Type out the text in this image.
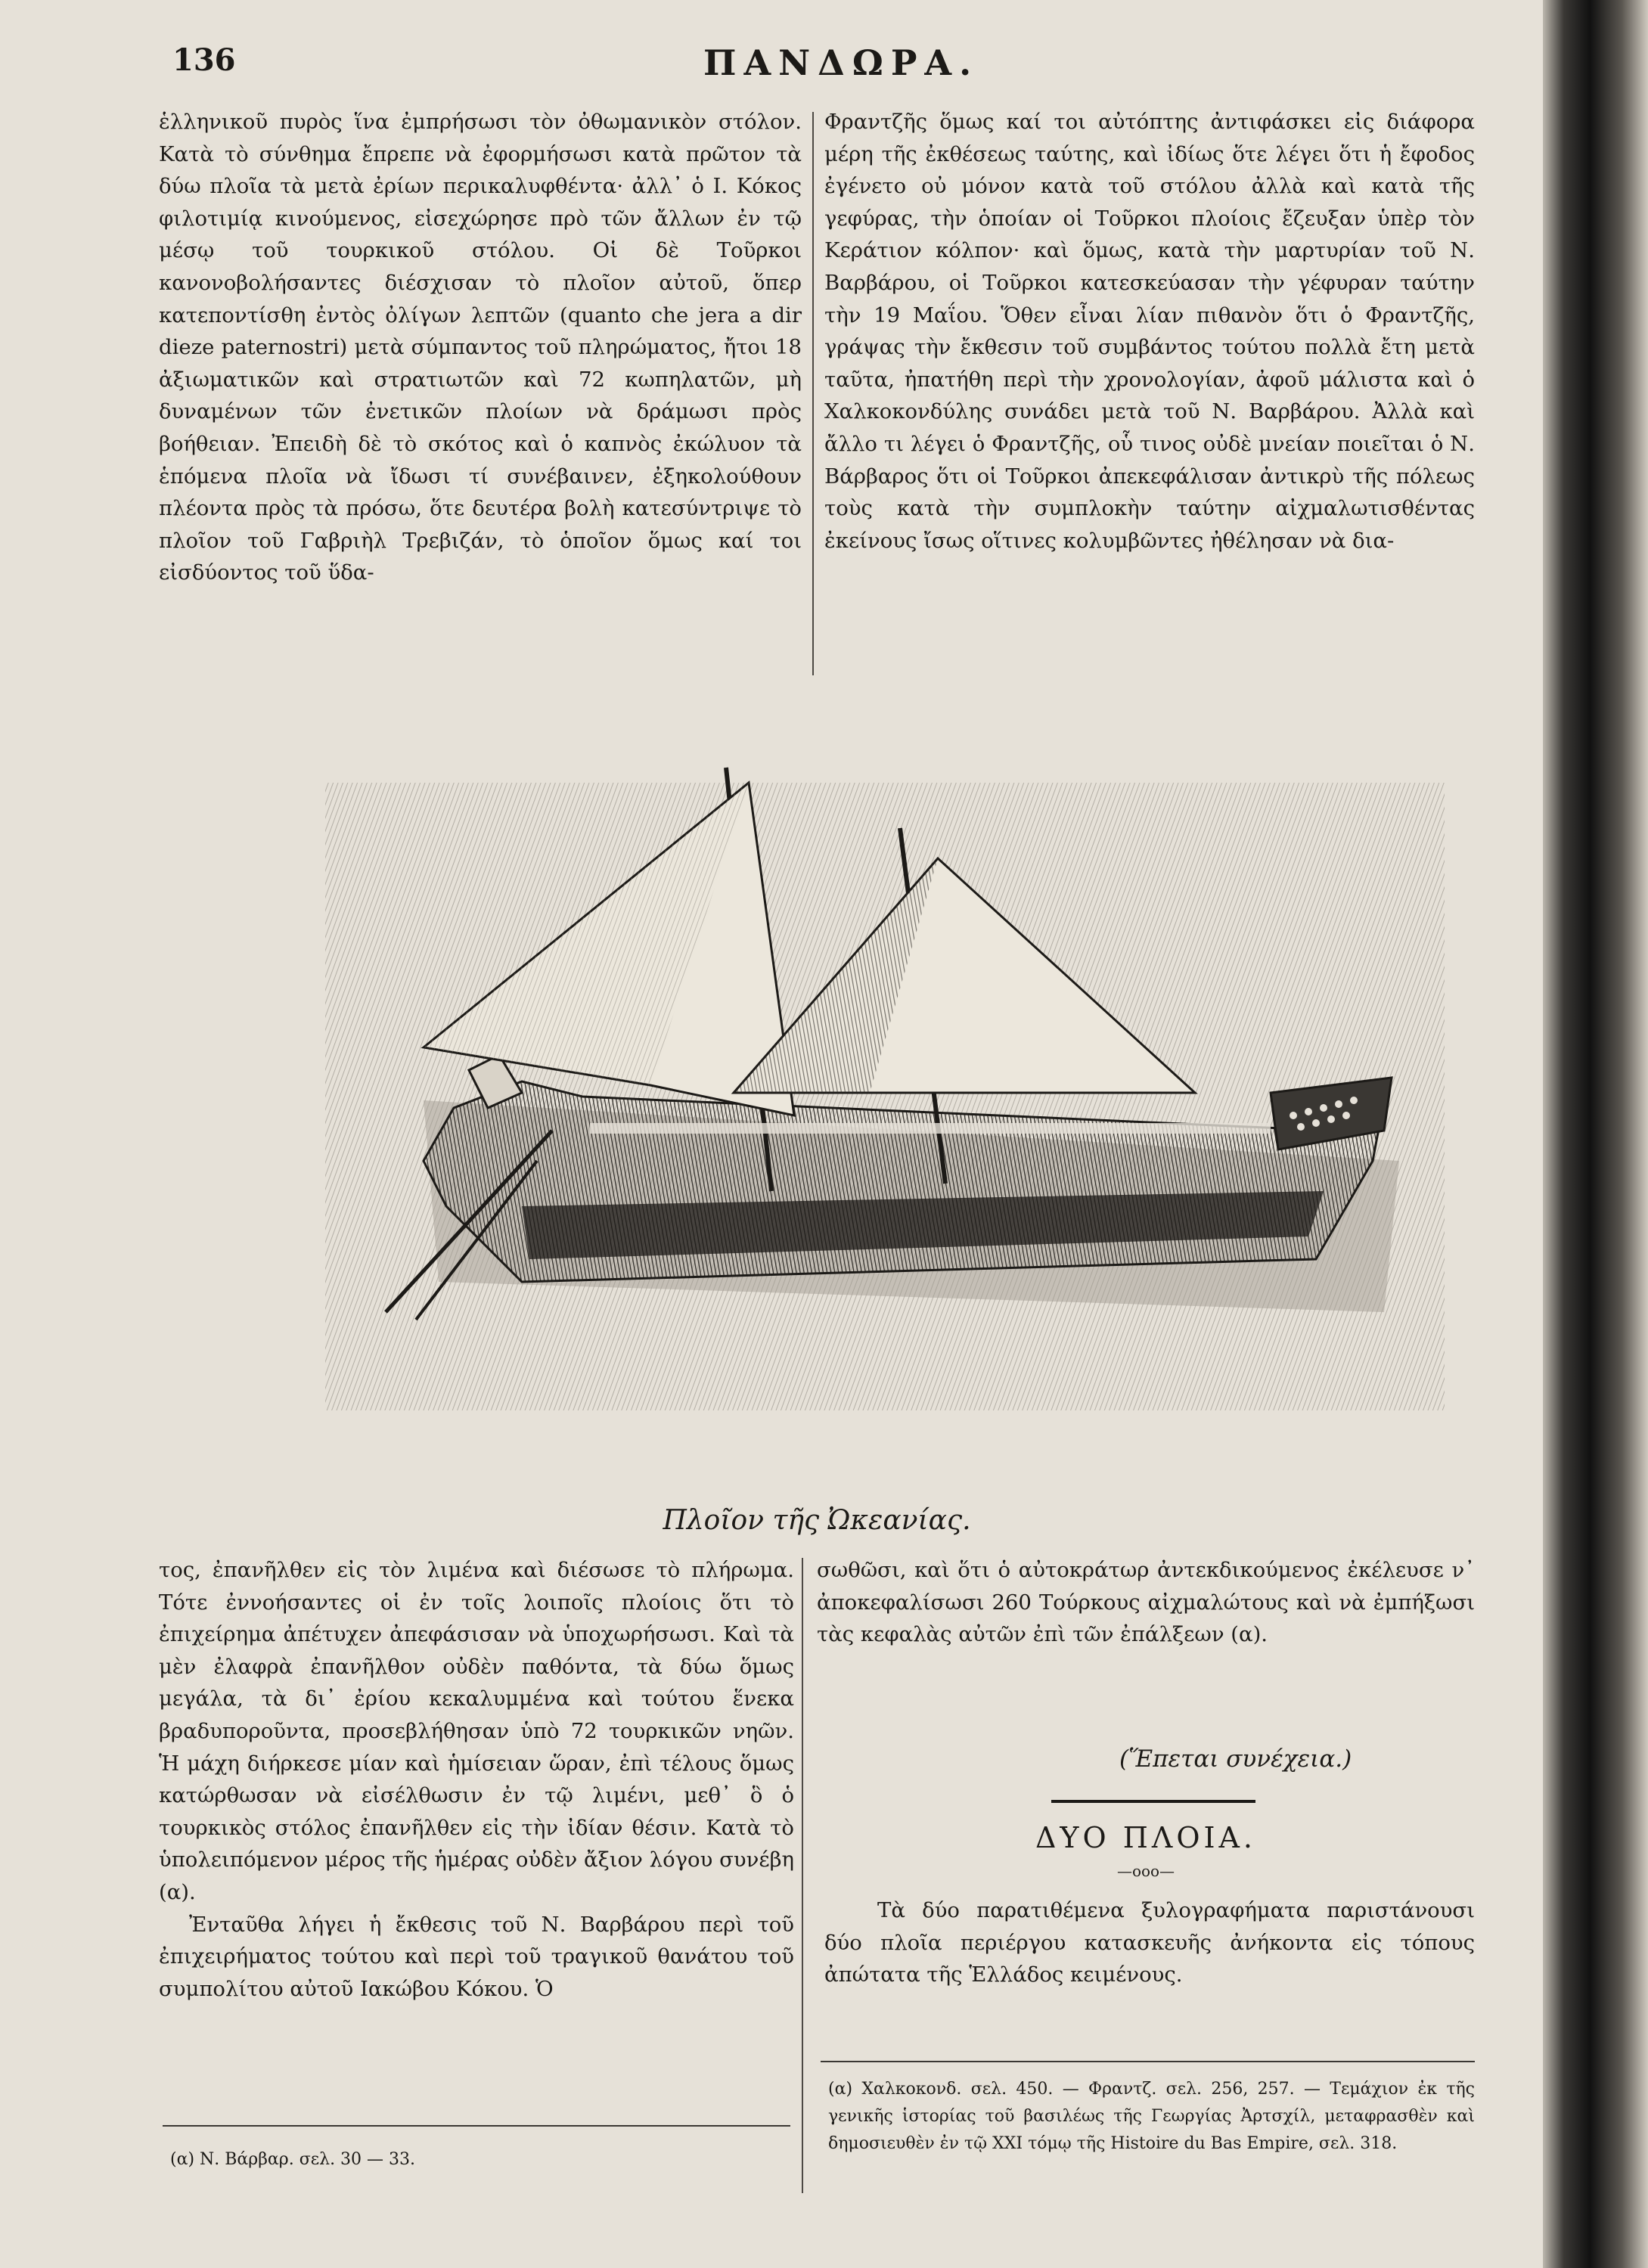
136	ΠΑΝΔΩΡΑ.

ἑλληνικοῦ πυρὸς ἵνα ἐμπρήσωσι τὸν ὀθωμανικὸν στόλον. Κατὰ τὸ σύνθημα ἔπρεπε νὰ ἐφορμήσωσι κατὰ πρῶτον τὰ δύω πλοῖα τὰ μετὰ ἐρίων περικαλυφθέντα· ἀλλ᾽ ὁ Ι. Κόκος φιλοτιμίᾳ κινούμενος, εἰσεχώρησε πρὸ τῶν ἄλλων ἐν τῷ μέσῳ τοῦ τουρκικοῦ στόλου. Οἱ δὲ Τοῦρκοι κανονοβολήσαντες διέσχισαν τὸ πλοῖον αὐτοῦ, ὅπερ κατεποντίσθη ἐντὸς ὀλίγων λεπτῶν (quanto che jera a dir dieze paternostri) μετὰ σύμπαντος τοῦ πληρώματος, ἤτοι 18 ἀξιωματικῶν καὶ στρατιωτῶν καὶ 72 κωπηλατῶν, μὴ δυναμένων τῶν ἐνετικῶν πλοίων νὰ δράμωσι πρὸς βοήθειαν. Ἐπειδὴ δὲ τὸ σκότος καὶ ὁ καπνὸς ἐκώλυον τὰ ἑπόμενα πλοῖα νὰ ἴδωσι τί συνέβαινεν, ἐξηκολούθουν πλέοντα πρὸς τὰ πρόσω, ὅτε δευτέρα βολὴ κατεσύντριψε τὸ πλοῖον τοῦ Γαβριὴλ Τρεβιζάν, τὸ ὁποῖον ὅμως καί τοι εἰσδύοντος τοῦ ὕδα-

Φραντζῆς ὅμως καί τοι αὐτόπτης ἀντιφάσκει εἰς διάφορα μέρη τῆς ἐκθέσεως ταύτης, καὶ ἰδίως ὅτε λέγει ὅτι ἡ ἔφοδος ἐγένετο οὐ μόνον κατὰ τοῦ στόλου ἀλλὰ καὶ κατὰ τῆς γεφύρας, τὴν ὁποίαν οἱ Τοῦρκοι πλοίοις ἔζευξαν ὑπὲρ τὸν Κεράτιον κόλπον· καὶ ὅμως, κατὰ τὴν μαρτυρίαν τοῦ Ν. Βαρβάρου, οἱ Τοῦρκοι κατεσκεύασαν τὴν γέφυραν ταύτην τὴν 19 Μαΐου. Ὅθεν εἶναι λίαν πιθανὸν ὅτι ὁ Φραντζῆς, γράψας τὴν ἔκθεσιν τοῦ συμβάντος τούτου πολλὰ ἔτη μετὰ ταῦτα, ἠπατήθη περὶ τὴν χρονολογίαν, ἀφοῦ μάλιστα καὶ ὁ Χαλκοκονδύλης συνάδει μετὰ τοῦ Ν. Βαρβάρου. Ἀλλὰ καὶ ἄλλο τι λέγει ὁ Φραντζῆς, οὗ τινος οὐδὲ μνείαν ποιεῖται ὁ Ν. Βάρβαρος ὅτι οἱ Τοῦρκοι ἀπεκεφάλισαν ἀντικρὺ τῆς πόλεως τοὺς κατὰ τὴν συμπλοκὴν ταύτην αἰχμαλωτισθέντας ἐκείνους ἴσως οἵτινες κολυμβῶντες ἠθέλησαν νὰ δια-

Πλοῖον τῆς Ὠκεανίας.

τος, ἐπανῆλθεν εἰς τὸν λιμένα καὶ διέσωσε τὸ πλήρωμα. Τότε ἐννοήσαντες οἱ ἐν τοῖς λοιποῖς πλοίοις ὅτι τὸ ἐπιχείρημα ἀπέτυχεν ἀπεφάσισαν νὰ ὑποχωρήσωσι. Καὶ τὰ μὲν ἐλαφρὰ ἐπανῆλθον οὐδὲν παθόντα, τὰ δύω ὅμως μεγάλα, τὰ δι᾽ ἐρίου κεκαλυμμένα καὶ τούτου ἕνεκα βραδυποροῦντα, προσεβλήθησαν ὑπὸ 72 τουρκικῶν νηῶν. Ἡ μάχη διήρκεσε μίαν καὶ ἡμίσειαν ὥραν, ἐπὶ τέλους ὅμως κατώρθωσαν νὰ εἰσέλθωσιν ἐν τῷ λιμένι, μεθ᾽ ὃ ὁ τουρκικὸς στόλος ἐπανῆλθεν εἰς τὴν ἰδίαν θέσιν. Κατὰ τὸ ὑπολειπόμενον μέρος τῆς ἡμέρας οὐδὲν ἄξιον λόγου συνέβη (α).

Ἐνταῦθα λήγει ἡ ἔκθεσις τοῦ Ν. Βαρβάρου περὶ τοῦ ἐπιχειρήματος τούτου καὶ περὶ τοῦ τραγικοῦ θανάτου τοῦ συμπολίτου αὐτοῦ Ιακώβου Κόκου. Ὁ

σωθῶσι, καὶ ὅτι ὁ αὐτοκράτωρ ἀντεκδικούμενος ἐκέλευσε ν᾽ ἀποκεφαλίσωσι 260 Τούρκους αἰχμαλώτους καὶ νὰ ἐμπήξωσι τὰς κεφαλὰς αὐτῶν ἐπὶ τῶν ἐπάλξεων (α).

(Ἕπεται συνέχεια.)

ΔΥΟ ΠΛΟΙΑ.

—ooo—

Τὰ δύο παρατιθέμενα ξυλογραφήματα παριστάνουσι δύο πλοῖα περιέργου κατασκευῆς ἀνήκοντα εἰς τόπους ἀπώτατα τῆς Ἑλλάδος κειμένους.

(α) Ν. Βάρβαρ. σελ. 30 — 33.

(α) Χαλκοκονδ. σελ. 450. — Φραντζ. σελ. 256, 257. — Τεμάχιον ἐκ τῆς γενικῆς ἱστορίας τοῦ βασιλέως τῆς Γεωργίας Ἀρτσχίλ, μεταφρασθὲν καὶ δημοσιευθὲν ἐν τῷ XXI τόμῳ τῆς Histoire du Bas Empire, σελ. 318.
